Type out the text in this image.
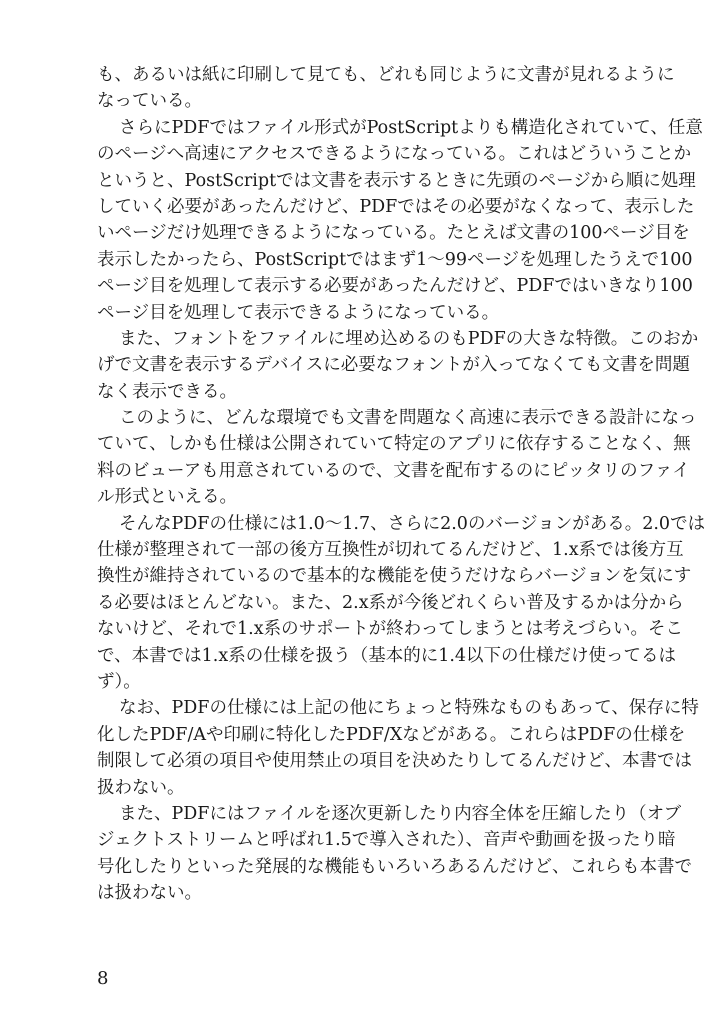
も、あるいは紙に印刷して見ても、どれも同じように文書が見れるように
なっている。
さらにPDFではファイル形式がPostScriptよりも構造化されていて、任意
のページへ高速にアクセスできるようになっている。これはどういうことか
というと、PostScriptでは文書を表示するときに先頭のページから順に処理
していく必要があったんだけど、PDFではその必要がなくなって、表示した
いページだけ処理できるようになっている。たとえば文書の100ページ目を
表示したかったら、PostScriptではまず1〜99ページを処理したうえで100
ページ目を処理して表示する必要があったんだけど、PDFではいきなり100
ページ目を処理して表示できるようになっている。
また、フォントをファイルに埋め込めるのもPDFの大きな特徴。このおか
げで文書を表示するデバイスに必要なフォントが入ってなくても文書を問題
なく表示できる。
このように、どんな環境でも文書を問題なく高速に表示できる設計になっ
ていて、しかも仕様は公開されていて特定のアプリに依存することなく、無
料のビューアも用意されているので、文書を配布するのにピッタリのファイ
ル形式といえる。
そんなPDFの仕様には1.0〜1.7、さらに2.0のバージョンがある。2.0では
仕様が整理されて一部の後方互換性が切れてるんだけど、1.x系では後方互
換性が維持されているので基本的な機能を使うだけならバージョンを気にす
る必要はほとんどない。また、2.x系が今後どれくらい普及するかは分から
ないけど、それで1.x系のサポートが終わってしまうとは考えづらい。そこ
で、本書では1.x系の仕様を扱う（基本的に1.4以下の仕様だけ使ってるは
ず）。
なお、PDFの仕様には上記の他にちょっと特殊なものもあって、保存に特
化したPDF/Aや印刷に特化したPDF/Xなどがある。これらはPDFの仕様を
制限して必須の項目や使用禁止の項目を決めたりしてるんだけど、本書では
扱わない。
また、PDFにはファイルを逐次更新したり内容全体を圧縮したり（オブ
ジェクトストリームと呼ばれ1.5で導入された）、音声や動画を扱ったり暗
号化したりといった発展的な機能もいろいろあるんだけど、これらも本書で
は扱わない。
8
